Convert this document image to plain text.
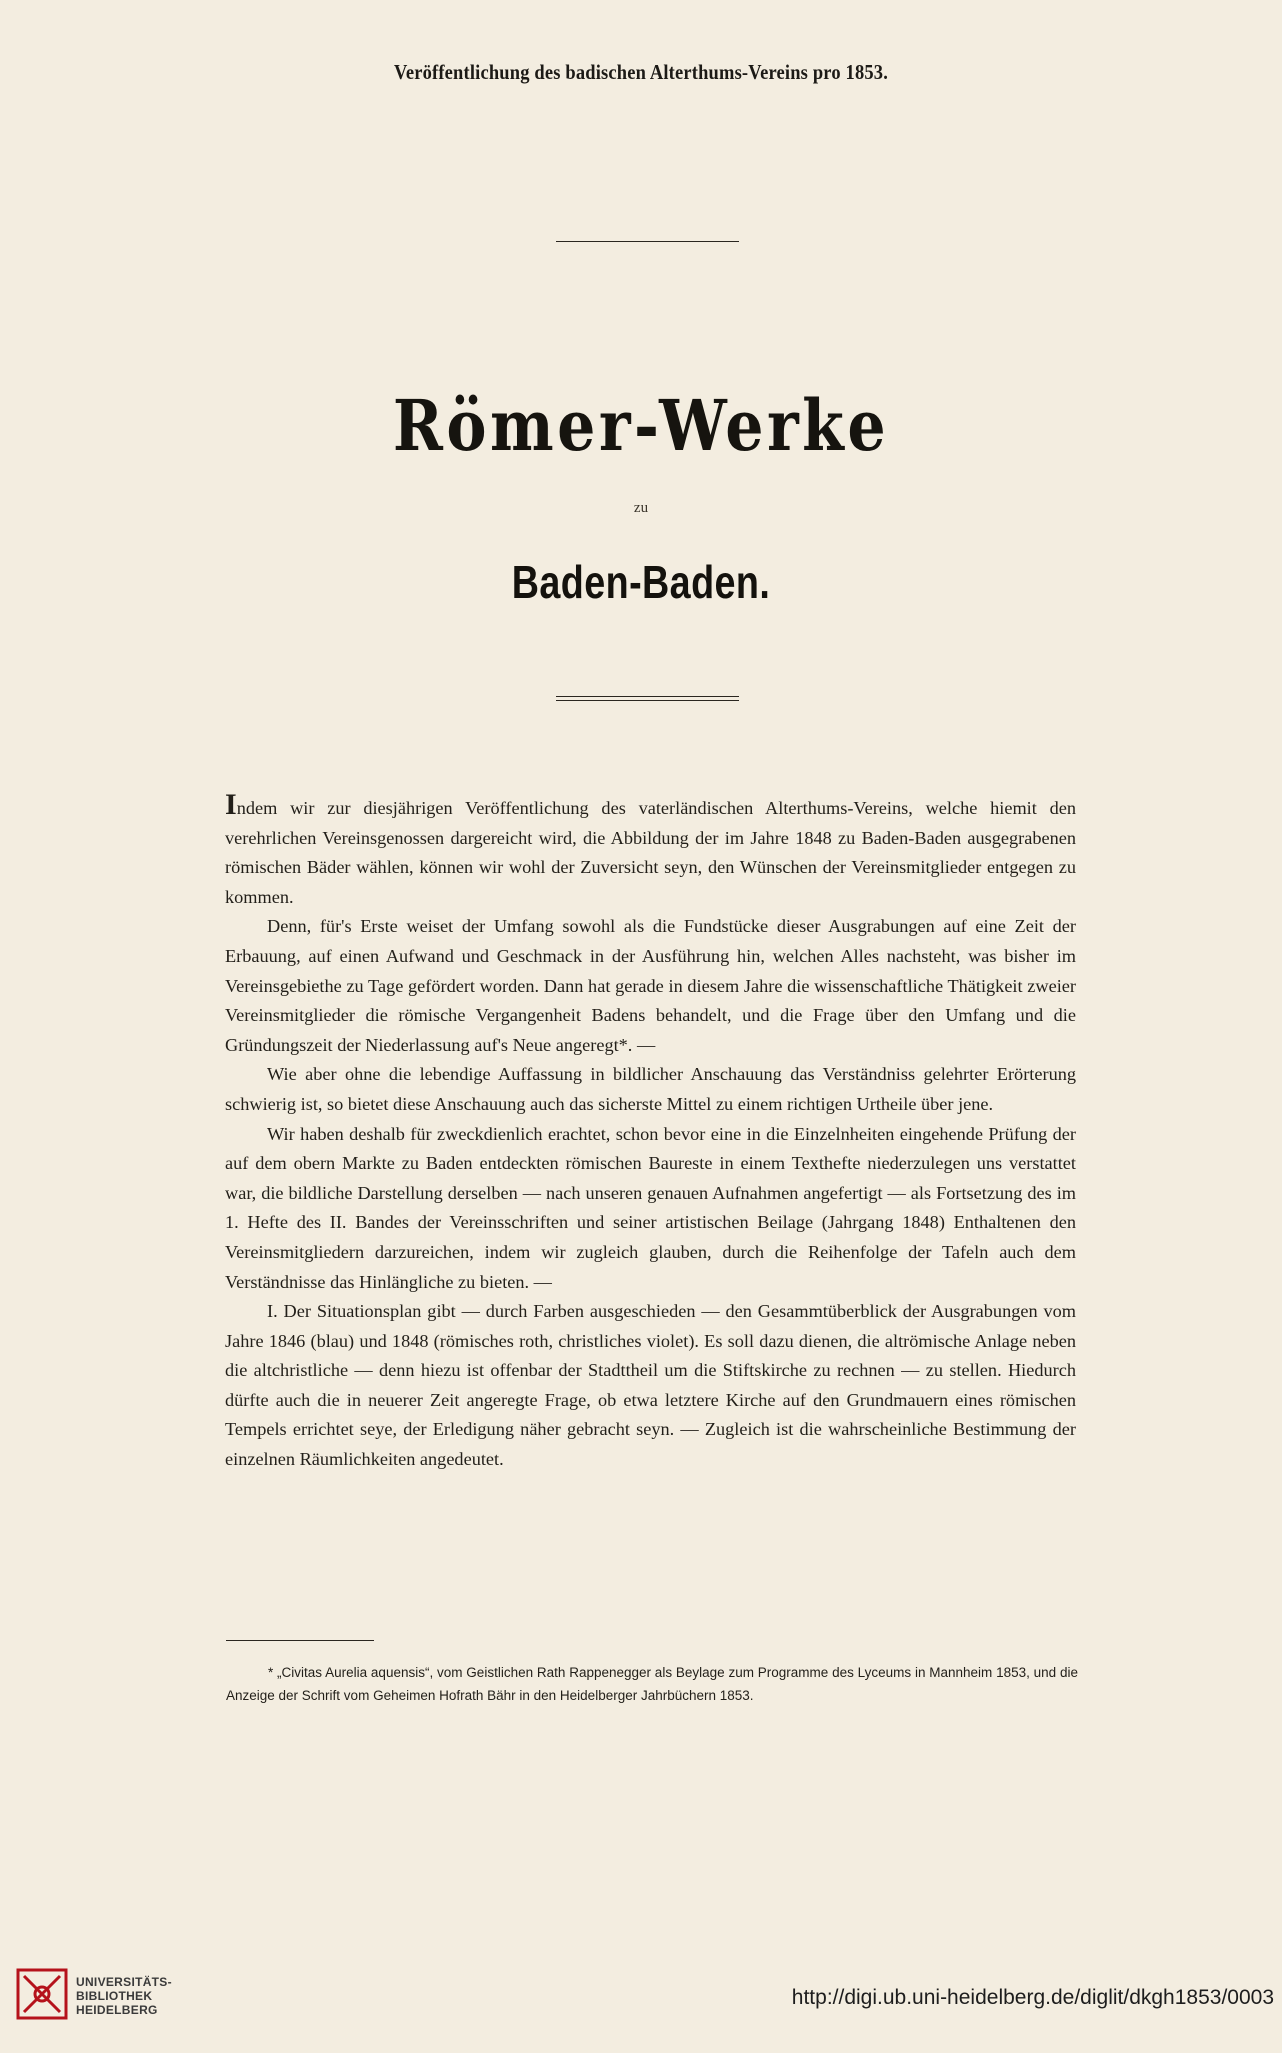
Veröffentlichung des badischen Alterthums-Vereins pro 1853.
Römer-Werke
zu
Baden-Baden.

Indem wir zur diesjährigen Veröffentlichung des vaterländischen Alterthums-Vereins, welche hiemit den verehrlichen Vereinsgenossen dargereicht wird, die Abbildung der im Jahre 1848 zu Baden-Baden ausgegrabenen römischen Bäder wählen, können wir wohl der Zuversicht seyn, den Wünschen der Vereinsmitglieder entgegen zu kommen.

Denn, für's Erste weiset der Umfang sowohl als die Fundstücke dieser Ausgrabungen auf eine Zeit der Erbauung, auf einen Aufwand und Geschmack in der Ausführung hin, welchen Alles nachsteht, was bisher im Vereinsgebiethe zu Tage gefördert worden. Dann hat gerade in diesem Jahre die wissenschaftliche Thätigkeit zweier Vereinsmitglieder die römische Vergangenheit Badens behandelt, und die Frage über den Umfang und die Gründungszeit der Niederlassung auf's Neue angeregt*. —

Wie aber ohne die lebendige Auffassung in bildlicher Anschauung das Verständniss gelehrter Erörterung schwierig ist, so bietet diese Anschauung auch das sicherste Mittel zu einem richtigen Urtheile über jene.

Wir haben deshalb für zweckdienlich erachtet, schon bevor eine in die Einzelnheiten eingehende Prüfung der auf dem obern Markte zu Baden entdeckten römischen Baureste in einem Texthefte niederzulegen uns verstattet war, die bildliche Darstellung derselben — nach unseren genauen Aufnahmen angefertigt — als Fortsetzung des im 1. Hefte des II. Bandes der Vereinsschriften und seiner artistischen Beilage (Jahrgang 1848) Enthaltenen den Vereinsmitgliedern darzureichen, indem wir zugleich glauben, durch die Reihenfolge der Tafeln auch dem Verständnisse das Hinlängliche zu bieten. —

I. Der Situationsplan gibt — durch Farben ausgeschieden — den Gesammtüberblick der Ausgrabungen vom Jahre 1846 (blau) und 1848 (römisches roth, christliches violet). Es soll dazu dienen, die altrömische Anlage neben die altchristliche — denn hiezu ist offenbar der Stadttheil um die Stiftskirche zu rechnen — zu stellen. Hiedurch dürfte auch die in neuerer Zeit angeregte Frage, ob etwa letztere Kirche auf den Grundmauern eines römischen Tempels errichtet seye, der Erledigung näher gebracht seyn. — Zugleich ist die wahrscheinliche Bestimmung der einzelnen Räumlichkeiten angedeutet.

* „Civitas Aurelia aquensis“, vom Geistlichen Rath Rappenegger als Beylage zum Programme des Lyceums in Mannheim 1853, und die Anzeige der Schrift vom Geheimen Hofrath Bähr in den Heidelberger Jahrbüchern 1853.
UNIVERSITÄTS-
BIBLIOTHEK
HEIDELBERG
http://digi.ub.uni-heidelberg.de/diglit/dkgh1853/0003
